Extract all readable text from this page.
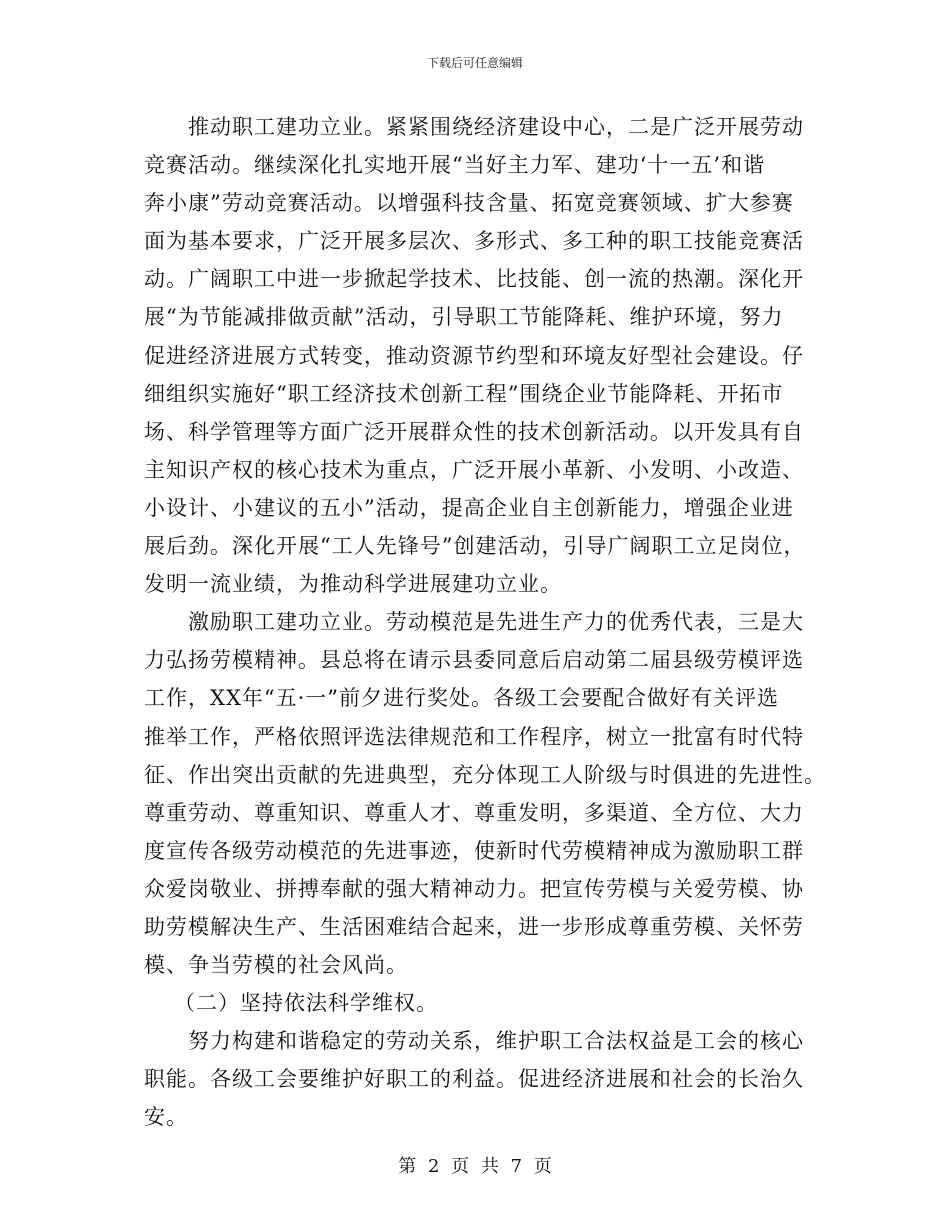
下载后可任意编辑
推动职工建功立业。紧紧围绕经济建设中心，二是广泛开展劳动
竞赛活动。继续深化扎实地开展“当好主力军、建功‘十一五’和谐
奔小康”劳动竞赛活动。以增强科技含量、拓宽竞赛领域、扩大参赛
面为基本要求，广泛开展多层次、多形式、多工种的职工技能竞赛活
动。广阔职工中进一步掀起学技术、比技能、创一流的热潮。深化开
展“为节能减排做贡献”活动，引导职工节能降耗、维护环境，努力
促进经济进展方式转变，推动资源节约型和环境友好型社会建设。仔
细组织实施好“职工经济技术创新工程”围绕企业节能降耗、开拓市
场、科学管理等方面广泛开展群众性的技术创新活动。以开发具有自
主知识产权的核心技术为重点，广泛开展小革新、小发明、小改造、
小设计、小建议的五小”活动，提高企业自主创新能力，增强企业进
展后劲。深化开展“工人先锋号”创建活动，引导广阔职工立足岗位，
发明一流业绩，为推动科学进展建功立业。
激励职工建功立业。劳动模范是先进生产力的优秀代表，三是大
力弘扬劳模精神。县总将在请示县委同意后启动第二届县级劳模评选
工作，XX年“五·一”前夕进行奖处。各级工会要配合做好有关评选
推举工作，严格依照评选法律规范和工作程序，树立一批富有时代特
征、作出突出贡献的先进典型，充分体现工人阶级与时俱进的先进性。
尊重劳动、尊重知识、尊重人才、尊重发明，多渠道、全方位、大力
度宣传各级劳动模范的先进事迹，使新时代劳模精神成为激励职工群
众爱岗敬业、拼搏奉献的强大精神动力。把宣传劳模与关爱劳模、协
助劳模解决生产、生活困难结合起来，进一步形成尊重劳模、关怀劳
模、争当劳模的社会风尚。
（二）坚持依法科学维权。
努力构建和谐稳定的劳动关系，维护职工合法权益是工会的核心
职能。各级工会要维护好职工的利益。促进经济进展和社会的长治久
安。
第 2 页 共 7 页
